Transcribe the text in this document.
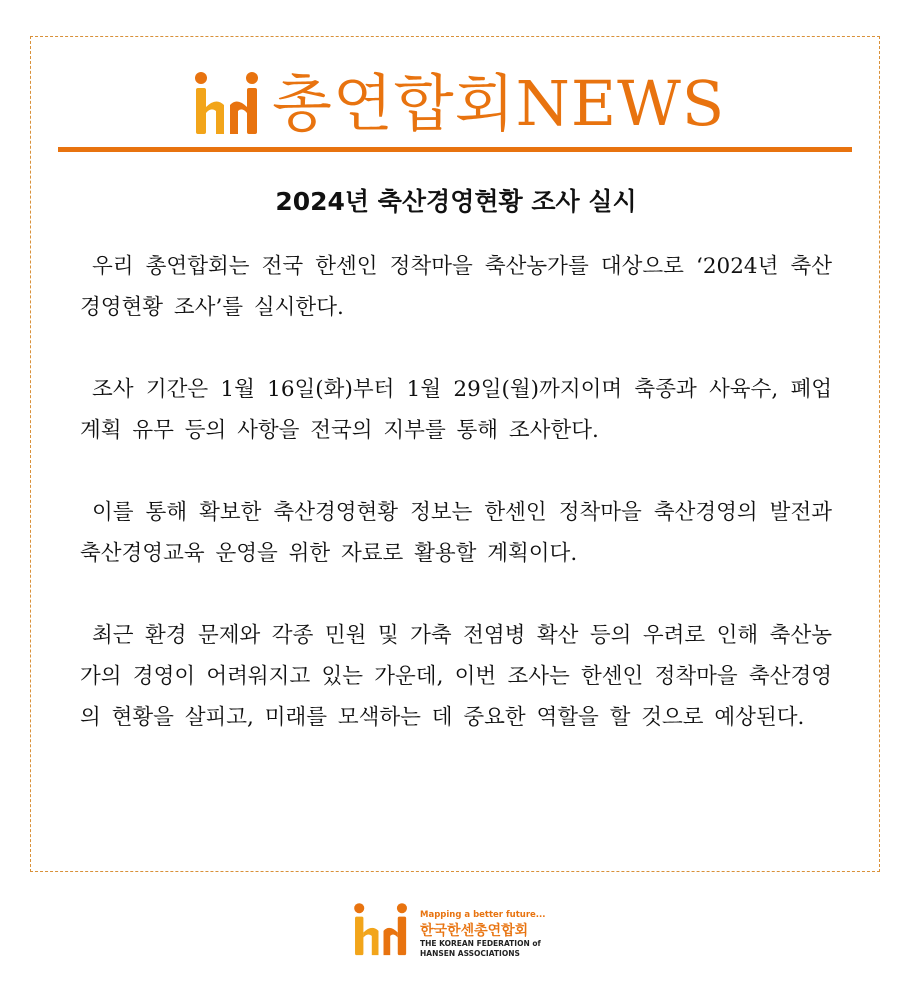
총연합회NEWS
2024년 축산경영현황 조사 실시

우리 총연합회는 전국 한센인 정착마을 축산농가를 대상으로 ‘2024년 축산경영현황 조사’를 실시한다.

조사 기간은 1월 16일(화)부터 1월 29일(월)까지이며 축종과 사육수, 폐업 계획 유무 등의 사항을 전국의 지부를 통해 조사한다.

이를 통해 확보한 축산경영현황 정보는 한센인 정착마을 축산경영의 발전과 축산경영교육 운영을 위한 자료로 활용할 계획이다.

최근 환경 문제와 각종 민원 및 가축 전염병 확산 등의 우려로 인해 축산농가의 경영이 어려워지고 있는 가운데, 이번 조사는 한센인 정착마을 축산경영의 현황을 살피고, 미래를 모색하는 데 중요한 역할을 할 것으로 예상된다.

Mapping a better future...
한국한센총연합회
THE KOREAN FEDERATION of
HANSEN ASSOCIATIONS
